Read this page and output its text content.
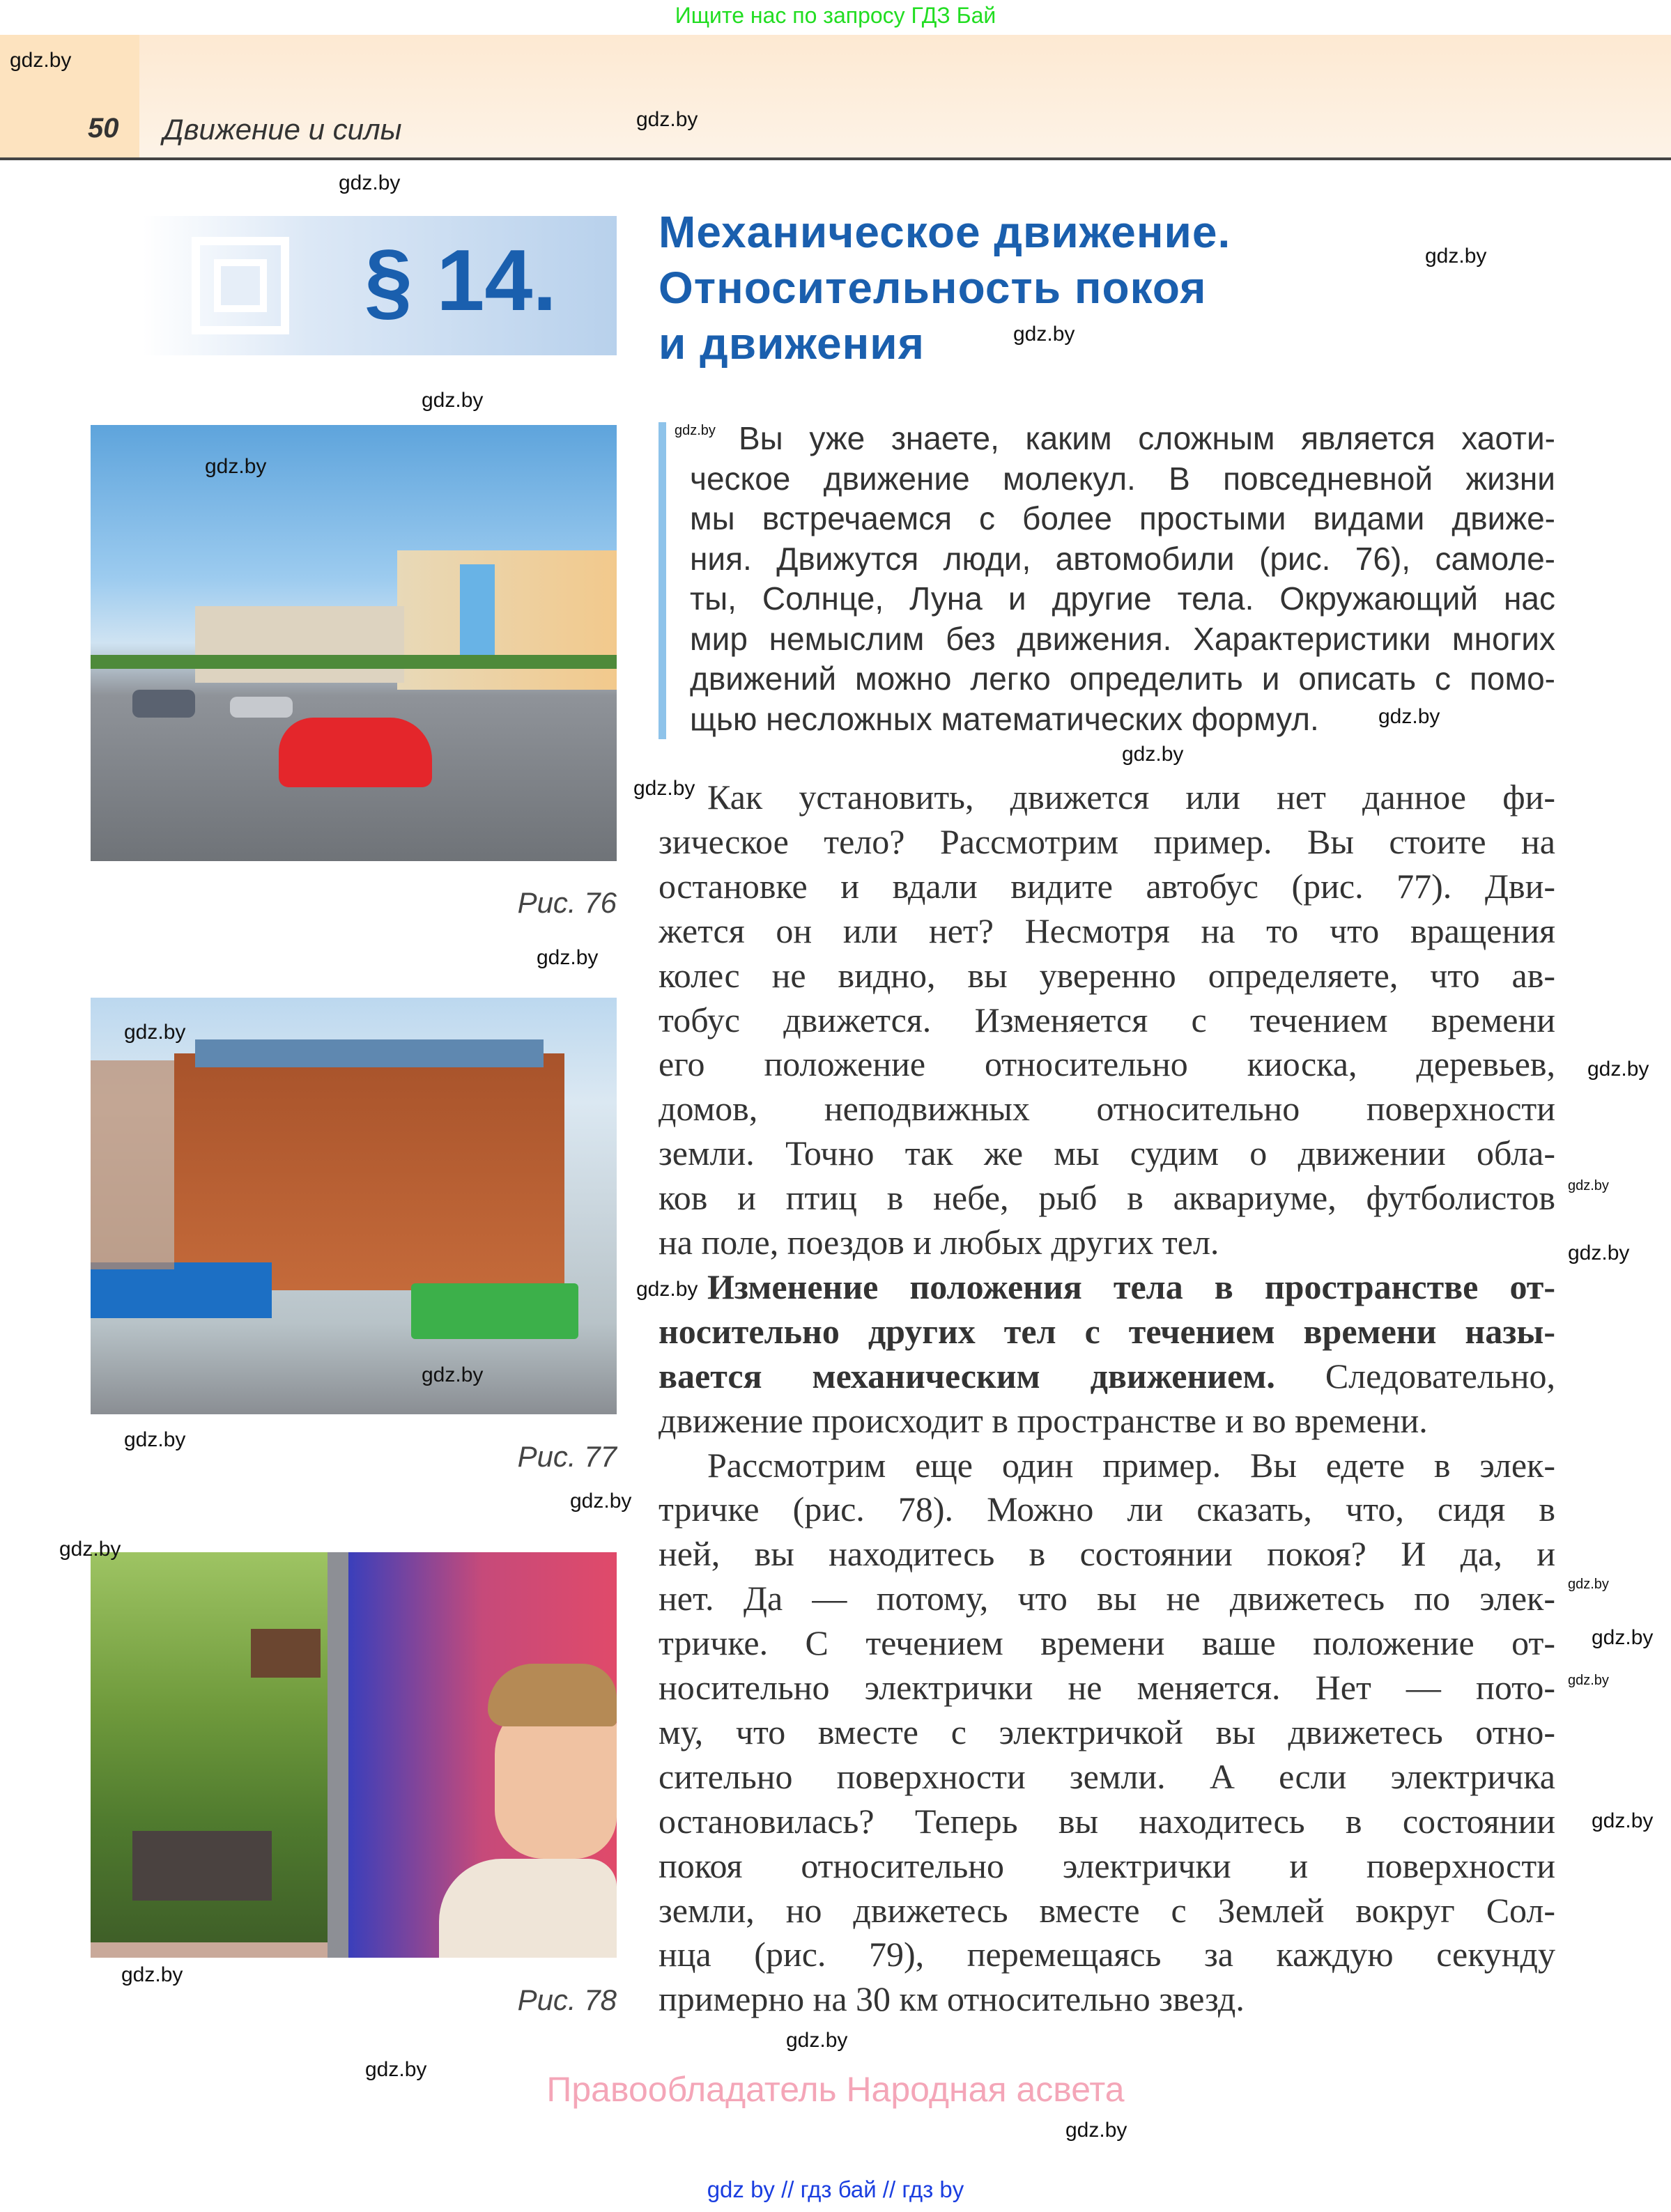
Ищите нас по запросу ГДЗ Бай
50 Движение и силы
§ 14.
Механическое движение.
Относительность покоя
и движения
Рис. 76
Рис. 77
Рис. 78
Вы уже знаете, каким сложным является хаоти-
ческое движение молекул. В повседневной жизни
мы встречаемся с более простыми видами движе-
ния. Движутся люди, автомобили (рис. 76), самоле-
ты, Солнце, Луна и другие тела. Окружающий нас
мир немыслим без движения. Характеристики многих
движений можно легко определить и описать с помо-
щью несложных математических формул.
Как установить, движется или нет данное фи-
зическое тело? Рассмотрим пример. Вы стоите на
остановке и вдали видите автобус (рис. 77). Дви-
жется он или нет? Несмотря на то что вращения
колес не видно, вы уверенно определяете, что ав-
тобус движется. Изменяется с течением времени
его положение относительно киоска, деревьев,
домов, неподвижных относительно поверхности
земли. Точно так же мы судим о движении обла-
ков и птиц в небе, рыб в аквариуме, футболистов
на поле, поездов и любых других тел.
Изменение положения тела в пространстве от-
носительно других тел с течением времени назы-
вается механическим движением. Следовательно,
движение происходит в пространстве и во времени.
Рассмотрим еще один пример. Вы едете в элек-
тричке (рис. 78). Можно ли сказать, что, сидя в
ней, вы находитесь в состоянии покоя? И да, и
нет. Да — потому, что вы не движетесь по элек-
тричке. С течением времени ваше положение от-
носительно электрички не меняется. Нет — пото-
му, что вместе с электричкой вы движетесь отно-
сительно поверхности земли. А если электричка
остановилась? Теперь вы находитесь в состоянии
покоя относительно электрички и поверхности
земли, но движетесь вместе с Землей вокруг Сол-
нца (рис. 79), перемещаясь за каждую секунду
примерно на 30 км относительно звезд.
gdz.by
gdz.by
gdz.by
gdz.by
gdz.by
gdz.by
gdz.by
gdz.by
gdz.by
gdz.by
gdz.by
gdz.by
gdz.by
gdz.by
gdz.by
gdz.by
gdz.by
gdz.by
gdz.by
gdz.by
gdz.by
gdz.by
gdz.by
gdz.by
gdz.by
gdz.by
gdz.by
gdz.by
gdz.by
Правообладатель Народная асвета
gdz by // гдз бай // гдз by
